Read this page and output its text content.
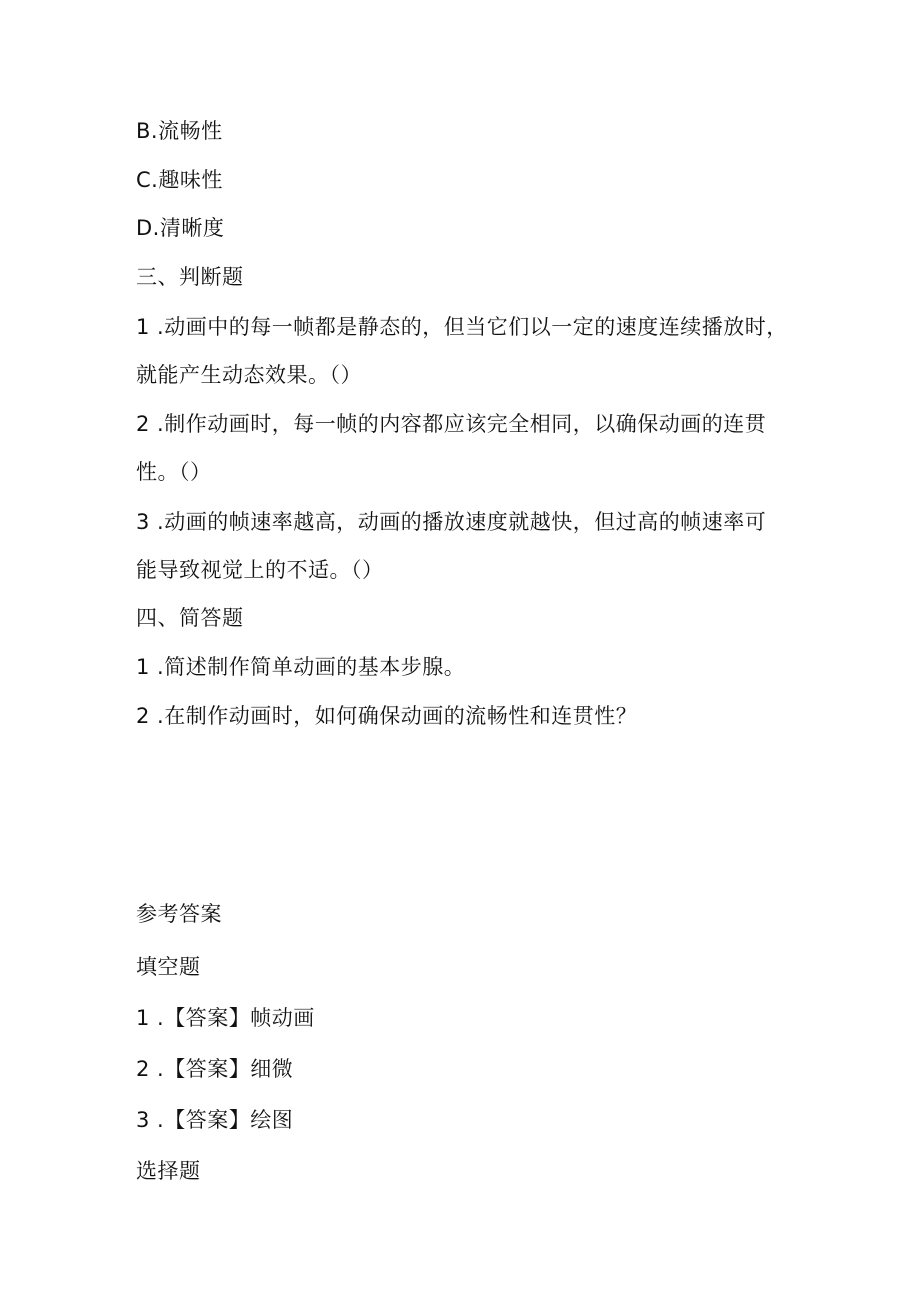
B.流畅性
C.趣味性
D.清晰度
三、判断题
1 .动画中的每一帧都是静态的，但当它们以一定的速度连续播放时，
就能产生动态效果。（）
2 .制作动画时，每一帧的内容都应该完全相同，以确保动画的连贯
性。（）
3 .动画的帧速率越高，动画的播放速度就越快，但过高的帧速率可
能导致视觉上的不适。（）
四、简答题
1 .简述制作简单动画的基本步腺。
2 .在制作动画时，如何确保动画的流畅性和连贯性？
参考答案
填空题
1 .【答案】帧动画
2 .【答案】细微
3 .【答案】绘图
选择题
